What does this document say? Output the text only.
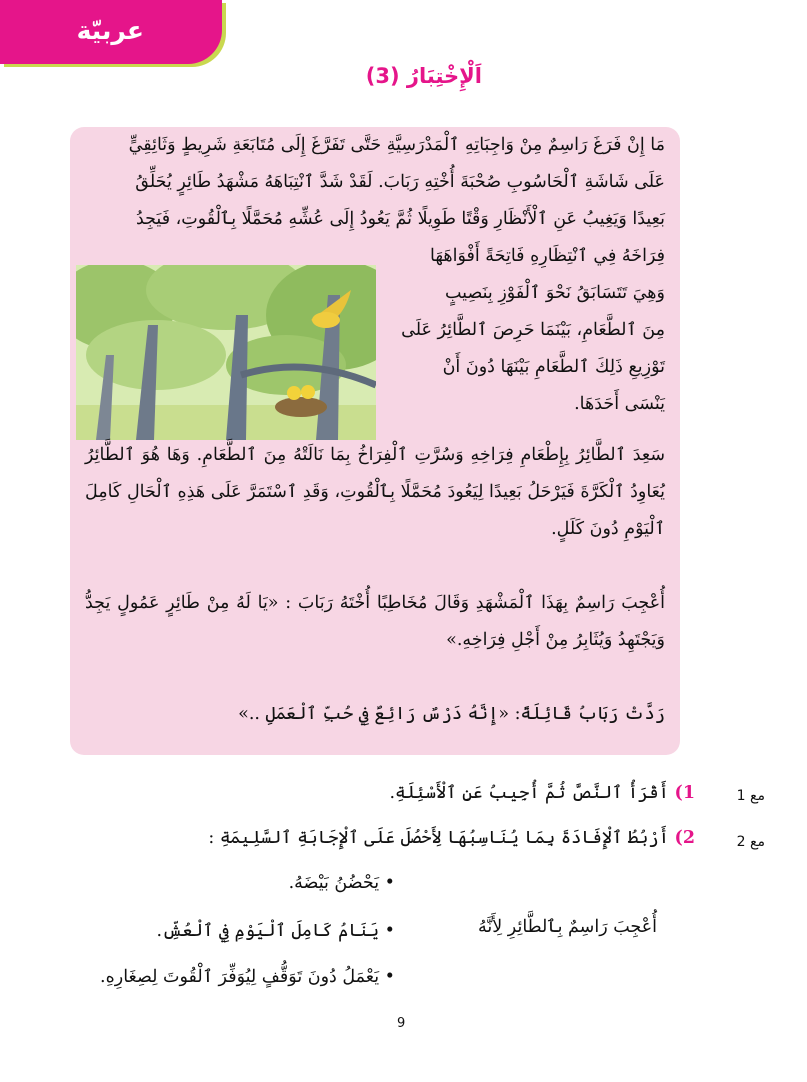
عربيّة
اَلْإِخْتِبَارُ (3)
مَا إِنْ فَرَغَ رَاسِمٌ مِنْ وَاجِبَاتِهِ ٱلْمَدْرَسِيَّةِ حَتَّى تَفَرَّغَ إِلَى مُتَابَعَةِ شَرِيطٍ وَثَائِقِيٍّ
عَلَى شَاشَةِ ٱلْحَاسُوبِ صُحْبَةَ أُخْتِهِ رَبَابَ. لَقَدْ شَدَّ ٱنْتِبَاهَهُ مَشْهَدُ طَائِرٍ يُحَلِّقُ
بَعِيدًا وَيَغِيبُ عَنِ ٱلْأَنْظَارِ وَقْتًا طَوِيلًا ثُمَّ يَعُودُ إِلَى عُشِّهِ مُحَمَّلًا بِٱلْقُوتِ، فَيَجِدُ
فِرَاخَهُ فِي ٱنْتِظَارِهِ فَاتِحَةً أَفْوَاهَهَا
وَهِيَ تَتَسَابَقُ نَحْوَ ٱلْفَوْزِ بِنَصِيبٍ
مِنَ ٱلطَّعَامِ، بَيْنَمَا حَرِصَ ٱلطَّائِرُ عَلَى
تَوْزِيعِ ذَلِكَ ٱلطَّعَامِ بَيْنَهَا دُونَ أَنْ
يَنْسَى أَحَدَهَا.
سَعِدَ ٱلطَّائِرُ بِإِطْعَامِ فِرَاخِهِ وَسُرَّتِ ٱلْفِرَاخُ بِمَا نَالَتْهُ مِنَ ٱلطَّعَامِ. وَهَا هُوَ ٱلطَّائِرُ يُعَاوِدُ ٱلْكَرَّةَ فَيَرْحَلُ بَعِيدًا لِيَعُودَ مُحَمَّلًا بِٱلْقُوتِ، وَقَدِ ٱسْتَمَرَّ عَلَى هَذِهِ ٱلْحَالِ كَامِلَ ٱلْيَوْمِ دُونَ كَلَلٍ.
أُعْجِبَ رَاسِمٌ بِهَذَا ٱلْمَشْهَدِ وَقَالَ مُخَاطِبًا أُخْتَهُ رَبَابَ : «يَا لَهُ مِنْ طَائِرٍ عَمُولٍ يَجِدُّ وَيَجْتَهِدُ وَيُثَابِرُ مِنْ أَجْلِ فِرَاخِهِ.»
رَدَّتْ رَبَابُ قَائِلَةً: «إِنَّهُ دَرْسٌ رَائِعٌ فِي حُبِّ ٱلْعَمَلِ ..»
مع 1
1) أَقْرَأُ ٱلنَّصَّ ثُمَّ أُجِيبُ عَنِ ٱلْأَسْئِلَةِ.
مع 2
2) أَرْبُطُ ٱلْإِفَادَةَ بِمَا يُنَاسِبُهَا لِأَحْصُلَ عَلَى ٱلْإِجَابَةِ ٱلسَّلِيمَةِ :
أُعْجِبَ رَاسِمٌ بِٱلطَّائِرِ لِأَنَّهُ
• يَحْضُنُ بَيْضَهُ.
• يَنَامُ كَامِلَ ٱلْيَوْمِ فِي ٱلْعُشِّ.
• يَعْمَلُ دُونَ تَوَقُّفٍ لِيُوَفِّرَ ٱلْقُوتَ لِصِغَارِهِ.
9
